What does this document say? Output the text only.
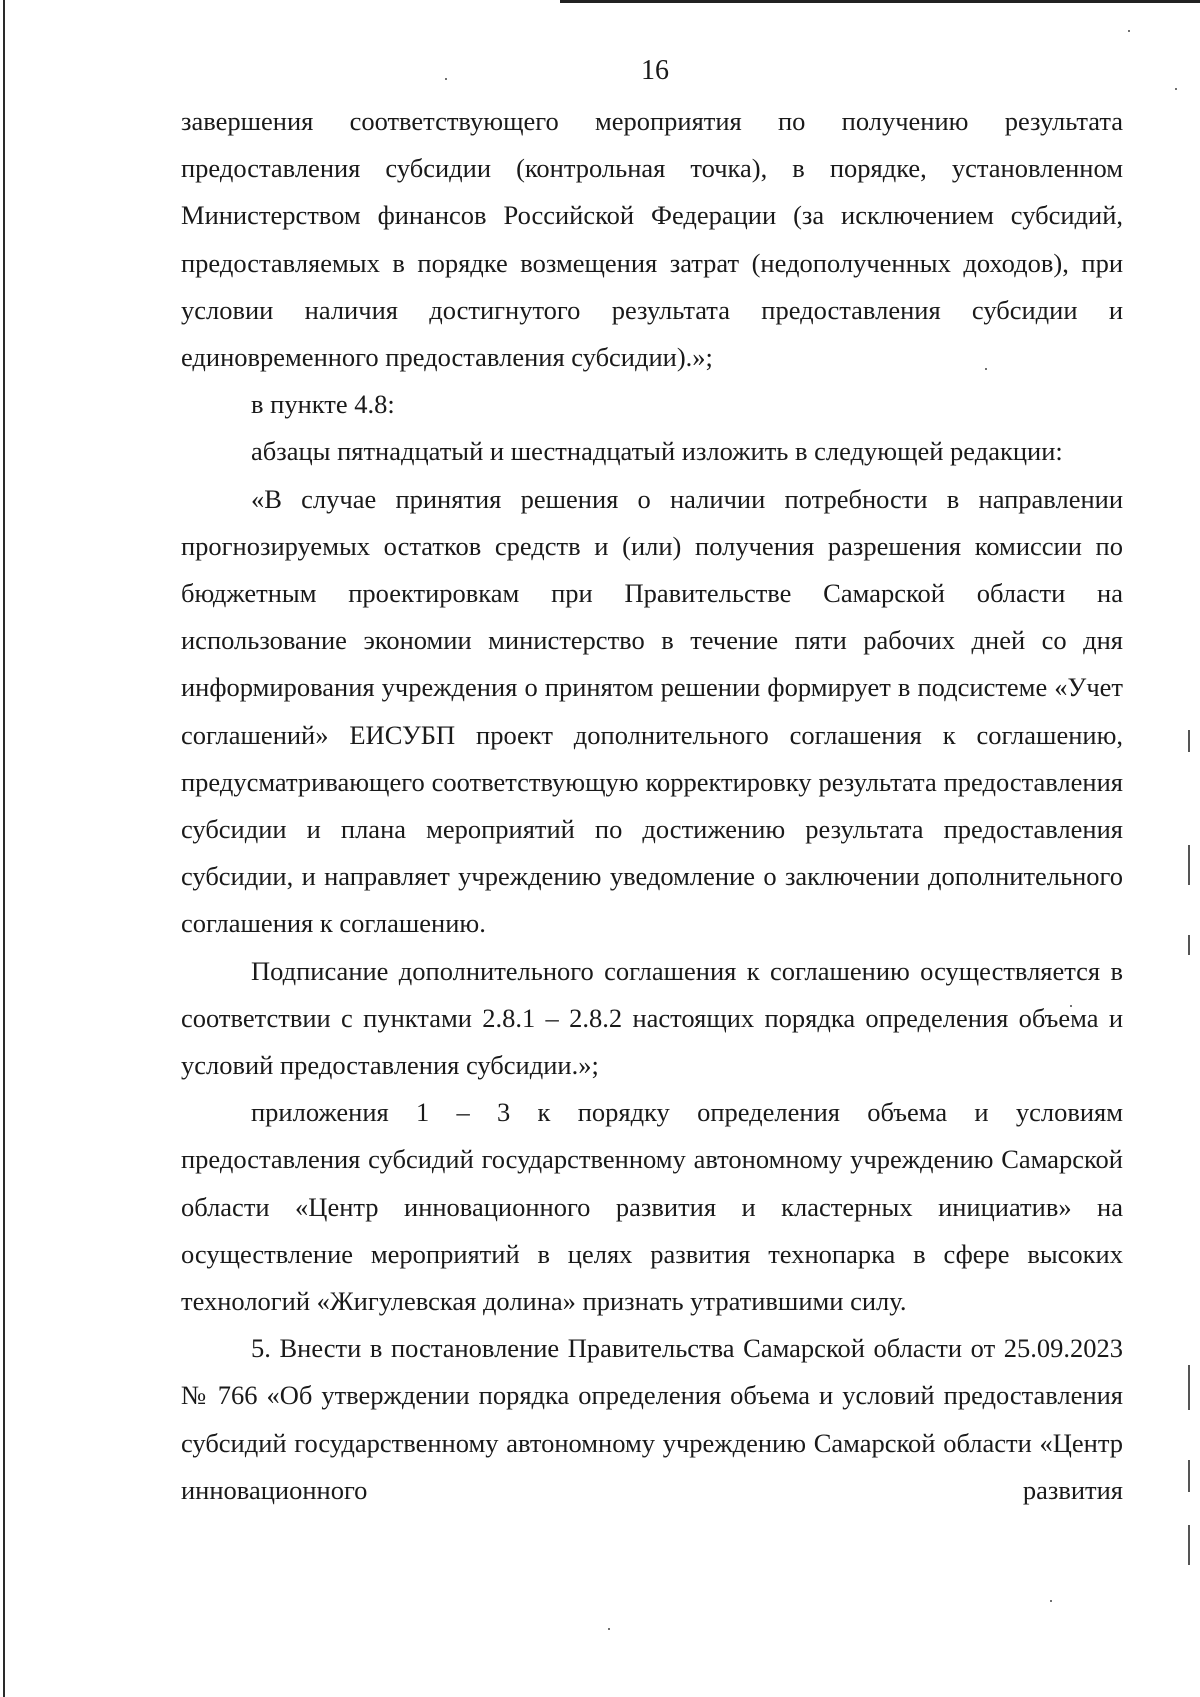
16

завершения соответствующего мероприятия по получению результата предоставления субсидии (контрольная точка), в порядке, установленном Министерством финансов Российской Федерации (за исключением субсидий, предоставляемых в порядке возмещения затрат (недополученных доходов), при условии наличия достигнутого результата предоставления субсидии и единовременного предоставления субсидии).»;

в пункте 4.8:

абзацы пятнадцатый и шестнадцатый изложить в следующей редакции:

«В случае принятия решения о наличии потребности в направлении прогнозируемых остатков средств и (или) получения разрешения комиссии по бюджетным проектировкам при Правительстве Самарской области на использование экономии министерство в течение пяти рабочих дней со дня информирования учреждения о принятом решении формирует в подсистеме «Учет соглашений» ЕИСУБП проект дополнительного соглашения к соглашению, предусматривающего соответствующую корректировку результата предоставления субсидии и плана мероприятий по достижению результата предоставления субсидии, и направляет учреждению уведомление о заключении дополнительного соглашения к соглашению.

Подписание дополнительного соглашения к соглашению осуществляется в соответствии с пунктами 2.8.1 – 2.8.2 настоящих порядка определения объема и условий предоставления субсидии.»;

приложения 1 – 3 к порядку определения объема и условиям предоставления субсидий государственному автономному учреждению Самарской области «Центр инновационного развития и кластерных инициатив» на осуществление мероприятий в целях развития технопарка в сфере высоких технологий «Жигулевская долина» признать утратившими силу.

5. Внести в постановление Правительства Самарской области от 25.09.2023 № 766 «Об утверждении порядка определения объема и условий предоставления субсидий государственному автономному учреждению Самарской области «Центр инновационного развития
